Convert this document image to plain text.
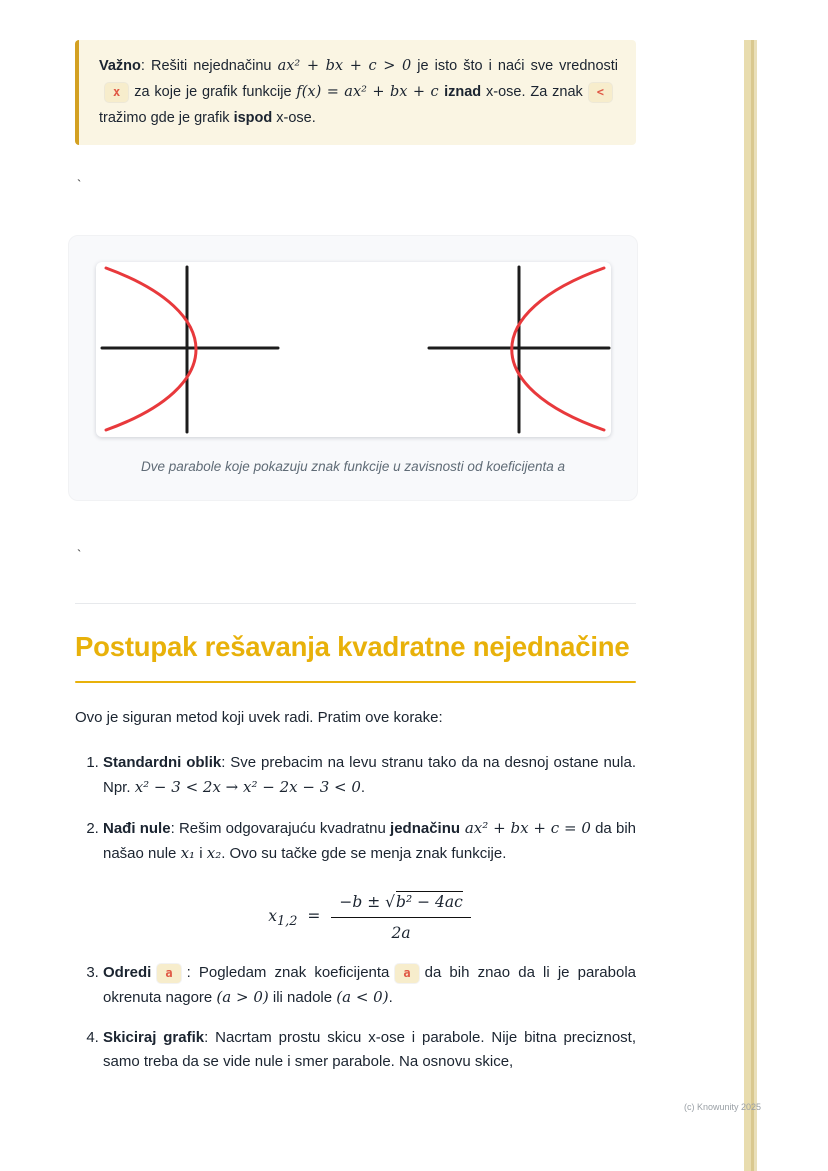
Važno: Rešiti nejednačinu ax² + bx + c > 0 je isto što i naći sve vrednostix za koje je grafik funkcije f(x) = ax² + bx + c iznad x-ose. Za znak <tražimo gde je grafik ispod x-ose.

`

Dve parabole koje pokazuju znak funkcije u zavisnosti od koeficijenta a

`

Postupak rešavanja kvadratne nejednačine

Ovo je siguran metod koji uvek radi. Pratim ove korake:

1. Standardni oblik: Sve prebacim na levu stranu tako da na desnoj ostane nula. Npr. x² − 3 < 2x → x² − 2x − 3 < 0.
2. Nađi nule: Rešim odgovarajuću kvadratnu jednačinu ax² + bx + c = 0 da bih našao nule x₁ i x₂. Ovo su tačke gde se menja znak funkcije.
$x_{1,2} = \frac{\text{−b ± √b² − 4ac}}{2a}$
3. Odredi a : Pogledam znak koeficijenta a da bih znao da li je parabola okrenuta nagore (a > 0) ili nadole (a < 0).
4. Skiciraj grafik: Nacrtam prostu skicu x-ose i parabole. Nije bitna preciznost, samo treba da se vide nule i smer parabole. Na osnovu skice,
(c) Knowunity 2025
